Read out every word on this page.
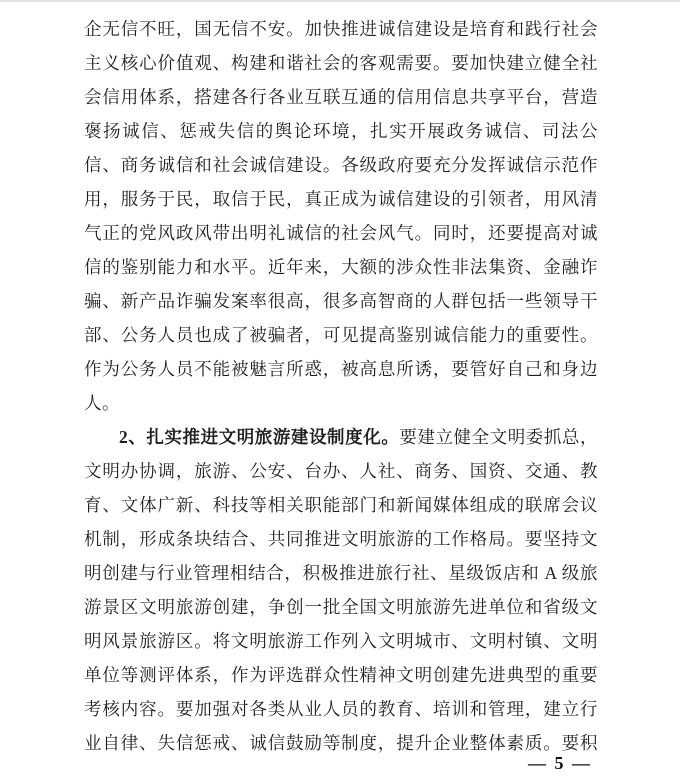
企无信不旺，国无信不安。加快推进诚信建设是培育和践行社会
主义核心价值观、构建和谐社会的客观需要。要加快建立健全社
会信用体系，搭建各行各业互联互通的信用信息共享平台，营造
褒扬诚信、惩戒失信的舆论环境，扎实开展政务诚信、司法公
信、商务诚信和社会诚信建设。各级政府要充分发挥诚信示范作
用，服务于民，取信于民，真正成为诚信建设的引领者，用风清
气正的党风政风带出明礼诚信的社会风气。同时，还要提高对诚
信的鉴别能力和水平。近年来，大额的涉众性非法集资、金融诈
骗、新产品诈骗发案率很高，很多高智商的人群包括一些领导干
部、公务人员也成了被骗者，可见提高鉴别诚信能力的重要性。
作为公务人员不能被魅言所惑，被高息所诱，要管好自己和身边
人。
2、扎实推进文明旅游建设制度化。要建立健全文明委抓总，
文明办协调，旅游、公安、台办、人社、商务、国资、交通、教
育、文体广新、科技等相关职能部门和新闻媒体组成的联席会议
机制，形成条块结合、共同推进文明旅游的工作格局。要坚持文
明创建与行业管理相结合，积极推进旅行社、星级饭店和 A 级旅
游景区文明旅游创建，争创一批全国文明旅游先进单位和省级文
明风景旅游区。将文明旅游工作列入文明城市、文明村镇、文明
单位等测评体系，作为评选群众性精神文明创建先进典型的重要
考核内容。要加强对各类从业人员的教育、培训和管理，建立行
业自律、失信惩戒、诚信鼓励等制度，提升企业整体素质。要积
— 5 —
